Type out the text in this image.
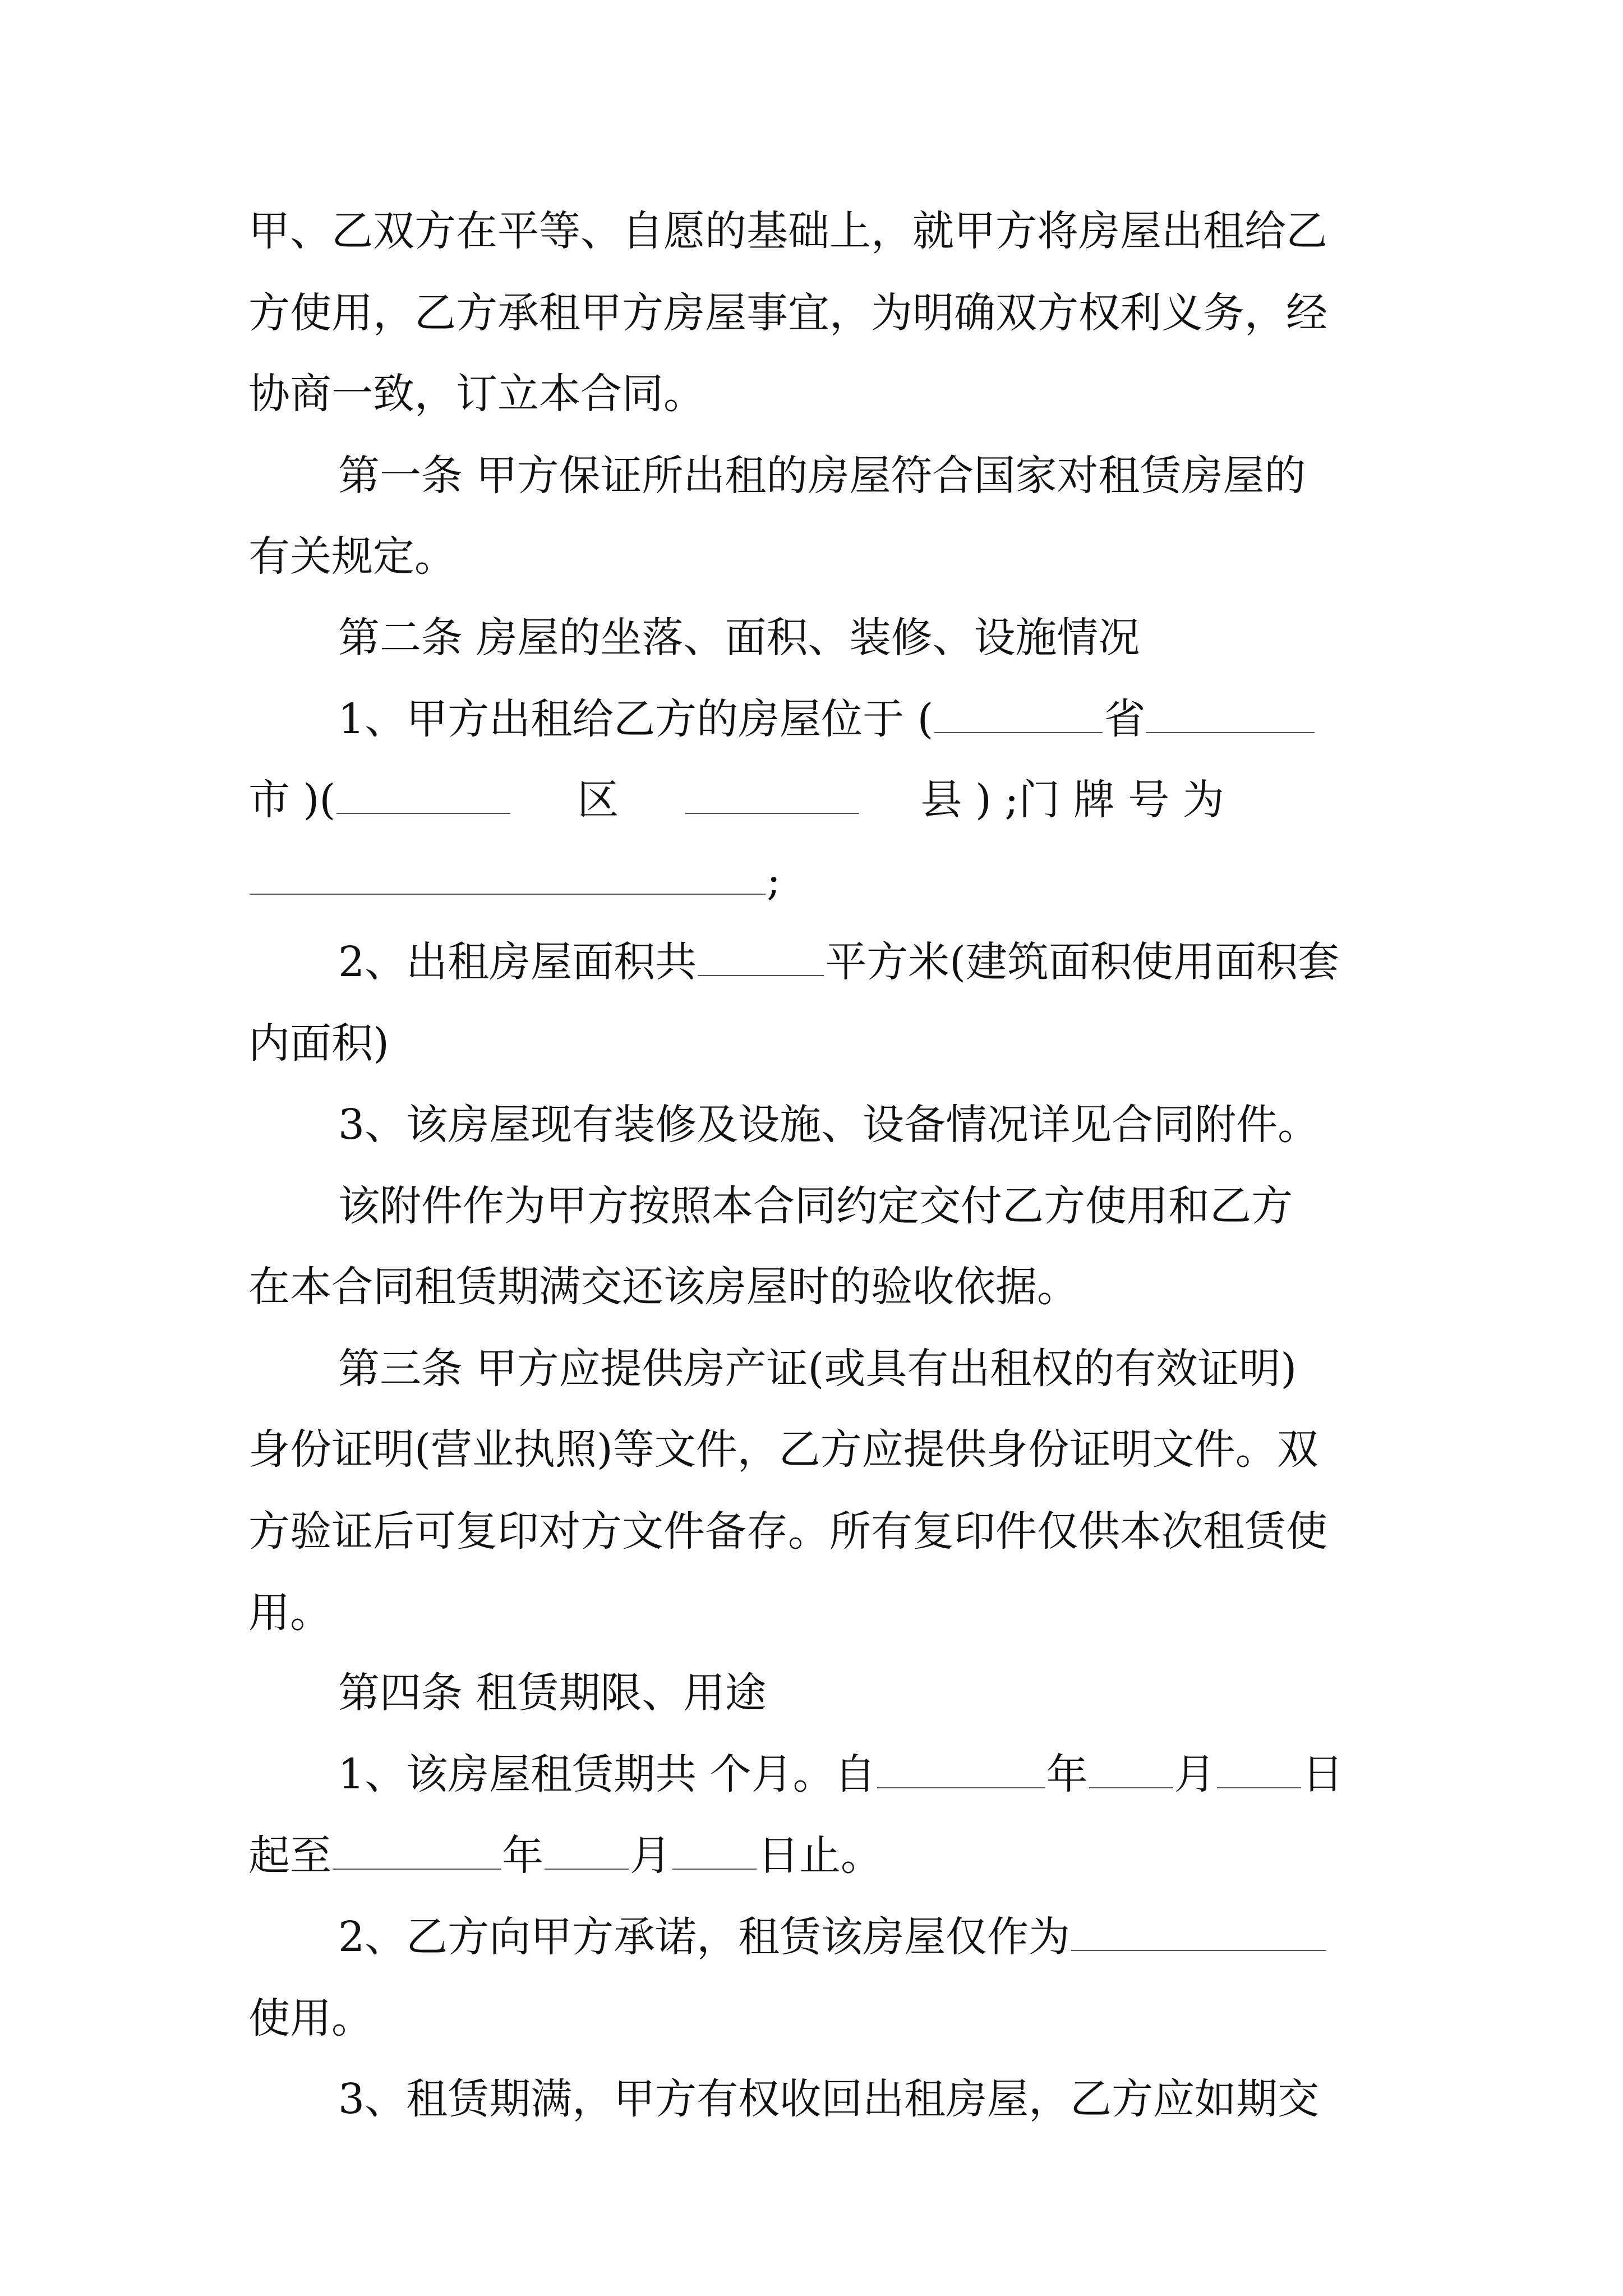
甲、乙双方在平等、自愿的基础上，就甲方将房屋出租给乙
方使用，乙方承租甲方房屋事宜，为明确双方权利义务，经
协商一致，订立本合同。
第一条 甲方保证所出租的房屋符合国家对租赁房屋的
有关规定。
第二条 房屋的坐落、面积、装修、设施情况
1、甲方出租给乙方的房屋位于 (	省
市 )(	区	县 ) ;门 牌 号 为
;
2、出租房屋面积共	平方米(建筑面积使用面积套
内面积)
3、该房屋现有装修及设施、设备情况详见合同附件。
该附件作为甲方按照本合同约定交付乙方使用和乙方
在本合同租赁期满交还该房屋时的验收依据。
第三条 甲方应提供房产证(或具有出租权的有效证明)
身份证明(营业执照)等文件，乙方应提供身份证明文件。双
方验证后可复印对方文件备存。所有复印件仅供本次租赁使
用。
第四条 租赁期限、用途
1、该房屋租赁期共 个月。自	年 月 日
起至	年 月 日止。
2、乙方向甲方承诺，租赁该房屋仅作为
使用。
3、租赁期满，甲方有权收回出租房屋，乙方应如期交
